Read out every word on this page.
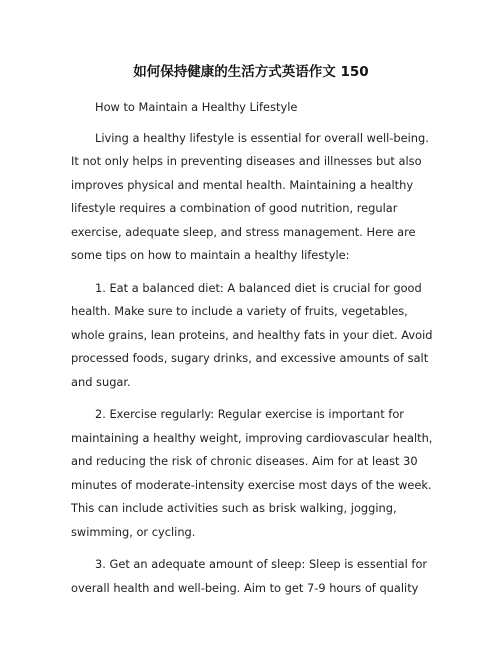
如何保持健康的生活方式英语作文 150

How to Maintain a Healthy Lifestyle

Living a healthy lifestyle is essential for overall well-being. It not only helps in preventing diseases and illnesses but also improves physical and mental health. Maintaining a healthy lifestyle requires a combination of good nutrition, regular exercise, adequate sleep, and stress management. Here are some tips on how to maintain a healthy lifestyle:

1. Eat a balanced diet: A balanced diet is crucial for good health. Make sure to include a variety of fruits, vegetables, whole grains, lean proteins, and healthy fats in your diet. Avoid processed foods, sugary drinks, and excessive amounts of salt and sugar.

2. Exercise regularly: Regular exercise is important for maintaining a healthy weight, improving cardiovascular health, and reducing the risk of chronic diseases. Aim for at least 30 minutes of moderate-intensity exercise most days of the week. This can include activities such as brisk walking, jogging, swimming, or cycling.

3. Get an adequate amount of sleep: Sleep is essential for overall health and well-being. Aim to get 7-9 hours of quality
